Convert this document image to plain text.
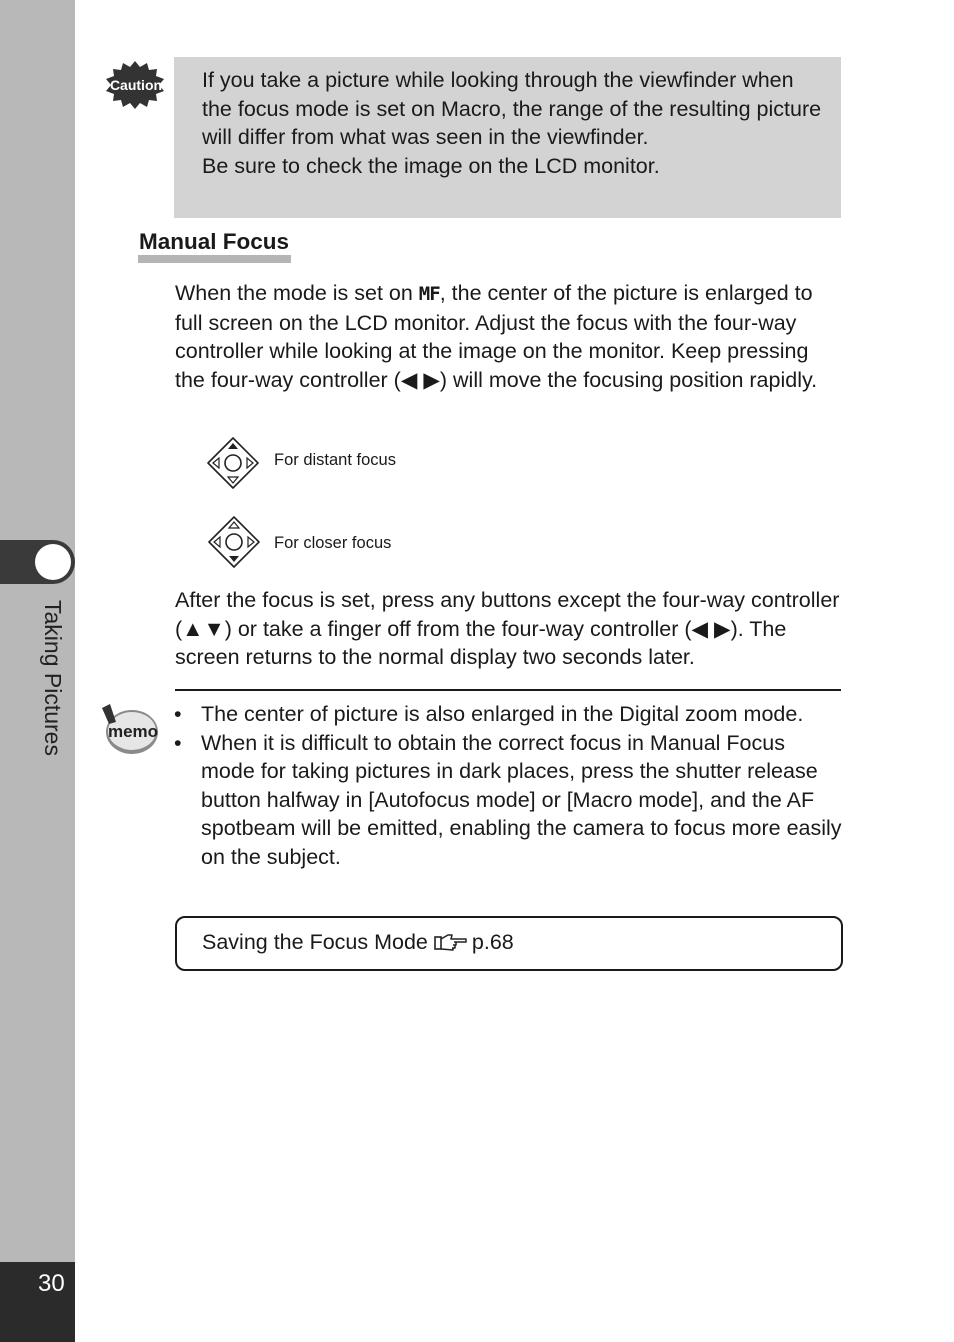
Taking Pictures
30
Caution If you take a picture while looking through the viewfinder when the focus mode is set on Macro, the range of the resulting picture will differ from what was seen in the viewfinder.
Be sure to check the image on the LCD monitor.

Manual Focus

When the mode is set on MF, the center of the picture is enlarged to full screen on the LCD monitor. Adjust the focus with the four-way controller while looking at the image on the monitor. Keep pressing the four-way controller (◀ ▶) will move the focusing position rapidly.

For distant focus
For closer focus

After the focus is set, press any buttons except the four-way controller (▲▼) or take a finger off from the four-way controller (◀ ▶). The screen returns to the normal display two seconds later.

memo
• The center of picture is also enlarged in the Digital zoom mode.
• When it is difficult to obtain the correct focus in Manual Focus mode for taking pictures in dark places, press the shutter release button halfway in [Autofocus mode] or [Macro mode], and the AF spotbeam will be emitted, enabling the camera to focus more easily on the subject.
Saving the Focus Mode p.68
